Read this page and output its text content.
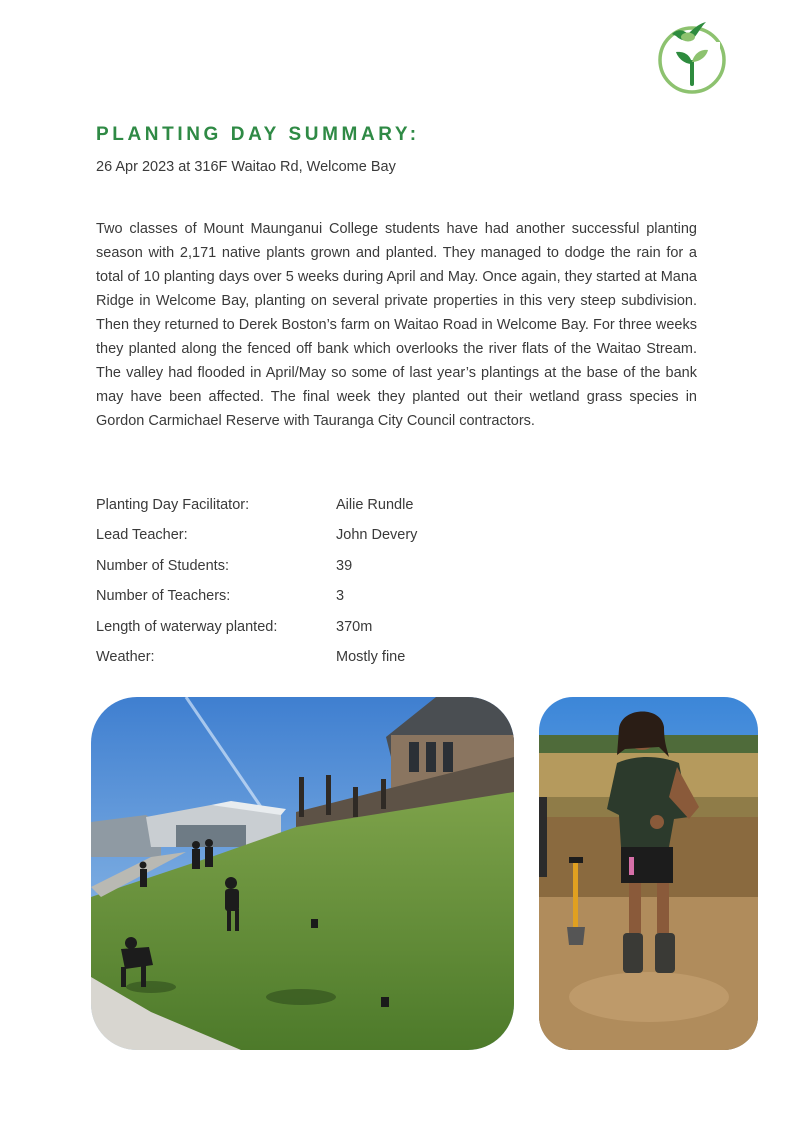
PLANTING DAY SUMMARY:
26 Apr 2023 at 316F Waitao Rd, Welcome Bay

Two classes of Mount Maunganui College students have had another successful planting season with 2,171 native plants grown and planted. They managed to dodge the rain for a total of 10 planting days over 5 weeks during April and May. Once again, they started at Mana Ridge in Welcome Bay, planting on several private properties in this very steep subdivision. Then they returned to Derek Boston’s farm on Waitao Road in Welcome Bay. For three weeks they planted along the fenced off bank which overlooks the river flats of the Waitao Stream. The valley had flooded in April/May so some of last year’s plantings at the base of the bank may have been affected. The final week they planted out their wetland grass species in Gordon Carmichael Reserve with Tauranga City Council contractors.

Planting Day Facilitator:	Ailie Rundle
Lead Teacher:	John Devery
Number of Students:	39
Number of Teachers:	3
Length of waterway planted:	370m
Weather:	Mostly fine
